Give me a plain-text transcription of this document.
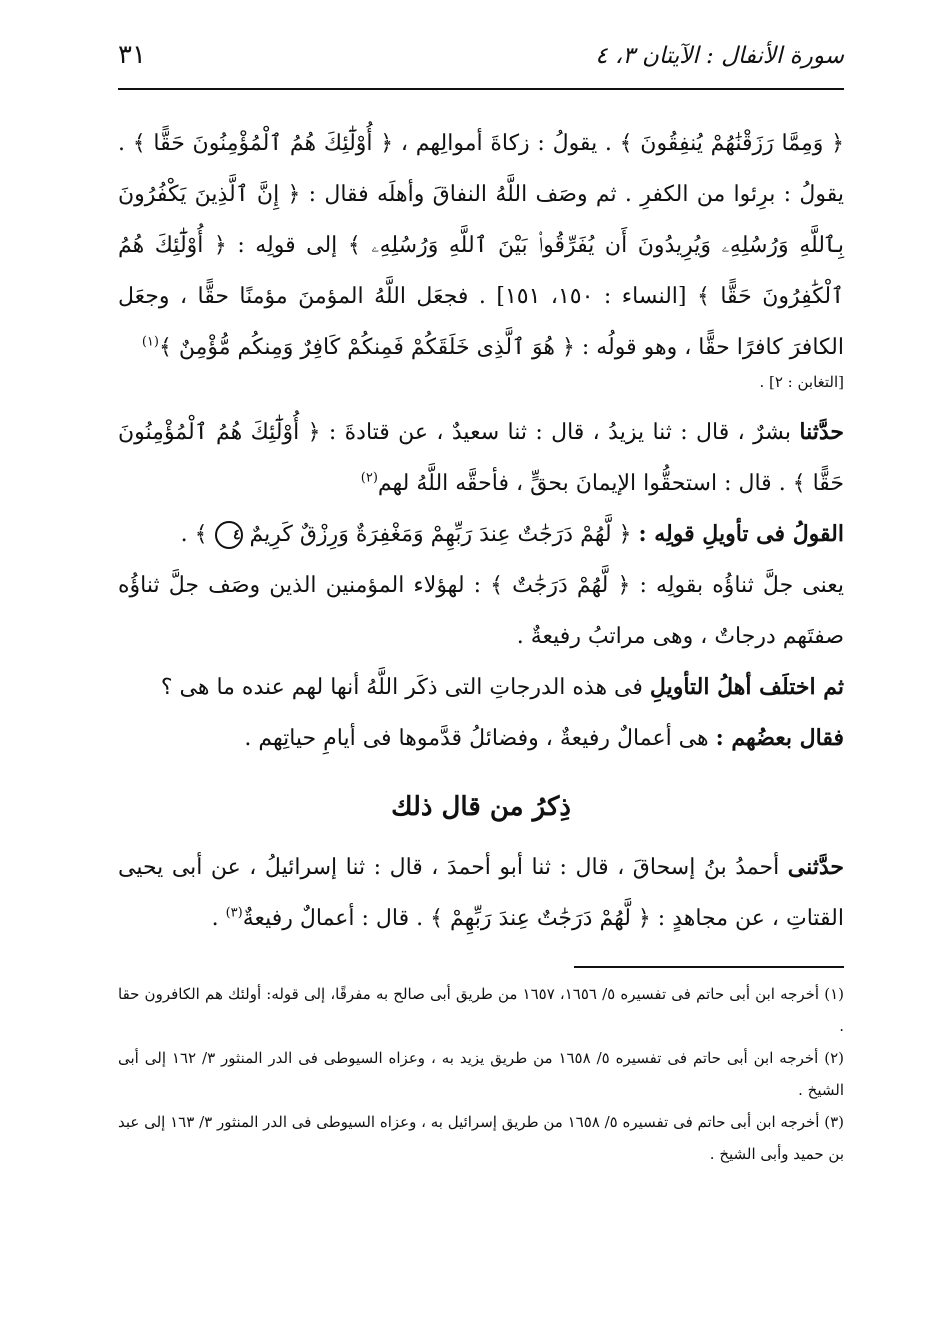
سورة الأنفال : الآيتان ٣، ٤
٣١

﴿ وَمِمَّا رَزَقْنَٰهُمْ يُنفِقُونَ ﴾ . يقولُ : زكاةَ أموالِهم ، ﴿ أُوْلَٰٓئِكَ هُمُ ٱلْمُؤْمِنُونَ حَقًّا ﴾ . يقولُ : برِئوا من الكفرِ . ثم وصَف اللَّهُ النفاقَ وأهلَه فقال : ﴿ إِنَّ ٱلَّذِينَ يَكْفُرُونَ بِٱللَّهِ وَرُسُلِهِۦ وَيُرِيدُونَ أَن يُفَرِّقُوا۟ بَيْنَ ٱللَّهِ وَرُسُلِهِۦ ﴾ إلى قولِه : ﴿ أُوْلَٰٓئِكَ هُمُ ٱلْكَٰفِرُونَ حَقًّا ﴾ [النساء : ١٥٠، ١٥١] . فجعَل اللَّهُ المؤمنَ مؤمنًا حقًّا ، وجعَل الكافرَ كافرًا حقًّا ، وهو قولُه : ﴿ هُوَ ٱلَّذِى خَلَقَكُمْ فَمِنكُمْ كَافِرٌ وَمِنكُم مُّؤْمِنٌ ﴾$^{(١)}$

[التغابن : ٢] .

حدَّثنا بشرٌ ، قال : ثنا يزيدُ ، قال : ثنا سعيدٌ ، عن قتادةَ : ﴿ أُوْلَٰٓئِكَ هُمُ ٱلْمُؤْمِنُونَ حَقًّا ﴾ . قال : استحقُّوا الإيمانَ بحقٍّ ، فأحقَّه اللَّهُ لهم$^{(٢)}$

القولُ فى تأويلِ قولِه : ﴿ لَّهُمْ دَرَجَٰتٌ عِندَ رَبِّهِمْ وَمَغْفِرَةٌ وَرِزْقٌ كَرِيمٌ ٤ ﴾ .

يعنى جلَّ ثناؤُه بقولِه : ﴿ لَّهُمْ دَرَجَٰتٌ ﴾ : لهؤلاء المؤمنين الذين وصَف جلَّ ثناؤُه صفتَهم درجاتٌ ، وهى مراتبُ رفيعةٌ .

ثم اختلَف أهلُ التأويلِ فى هذه الدرجاتِ التى ذكَر اللَّهُ أنها لهم عنده ما هى ؟

فقال بعضُهم : هى أعمالٌ رفيعةٌ ، وفضائلُ قدَّموها فى أيامِ حياتِهم .

ذِكرُ من قال ذلك

حدَّثنى أحمدُ بنُ إسحاقَ ، قال : ثنا أبو أحمدَ ، قال : ثنا إسرائيلُ ، عن أبى يحيى القتاتِ ، عن مجاهدٍ : ﴿ لَّهُمْ دَرَجَٰتٌ عِندَ رَبِّهِمْ ﴾ . قال : أعمالٌ رفيعةٌ$^{(٣)}$ .

(١) أخرجه ابن أبى حاتم فى تفسيره ٥/ ١٦٥٦، ١٦٥٧ من طريق أبى صالح به مفرقًا، إلى قوله: أولئك هم الكافرون حقا .

(٢) أخرجه ابن أبى حاتم فى تفسيره ٥/ ١٦٥٨ من طريق يزيد به ، وعزاه السيوطى فى الدر المنثور ٣/ ١٦٢ إلى أبى الشيخ .

(٣) أخرجه ابن أبى حاتم فى تفسيره ٥/ ١٦٥٨ من طريق إسرائيل به ، وعزاه السيوطى فى الدر المنثور ٣/ ١٦٣ إلى عبد بن حميد وأبى الشيخ .
